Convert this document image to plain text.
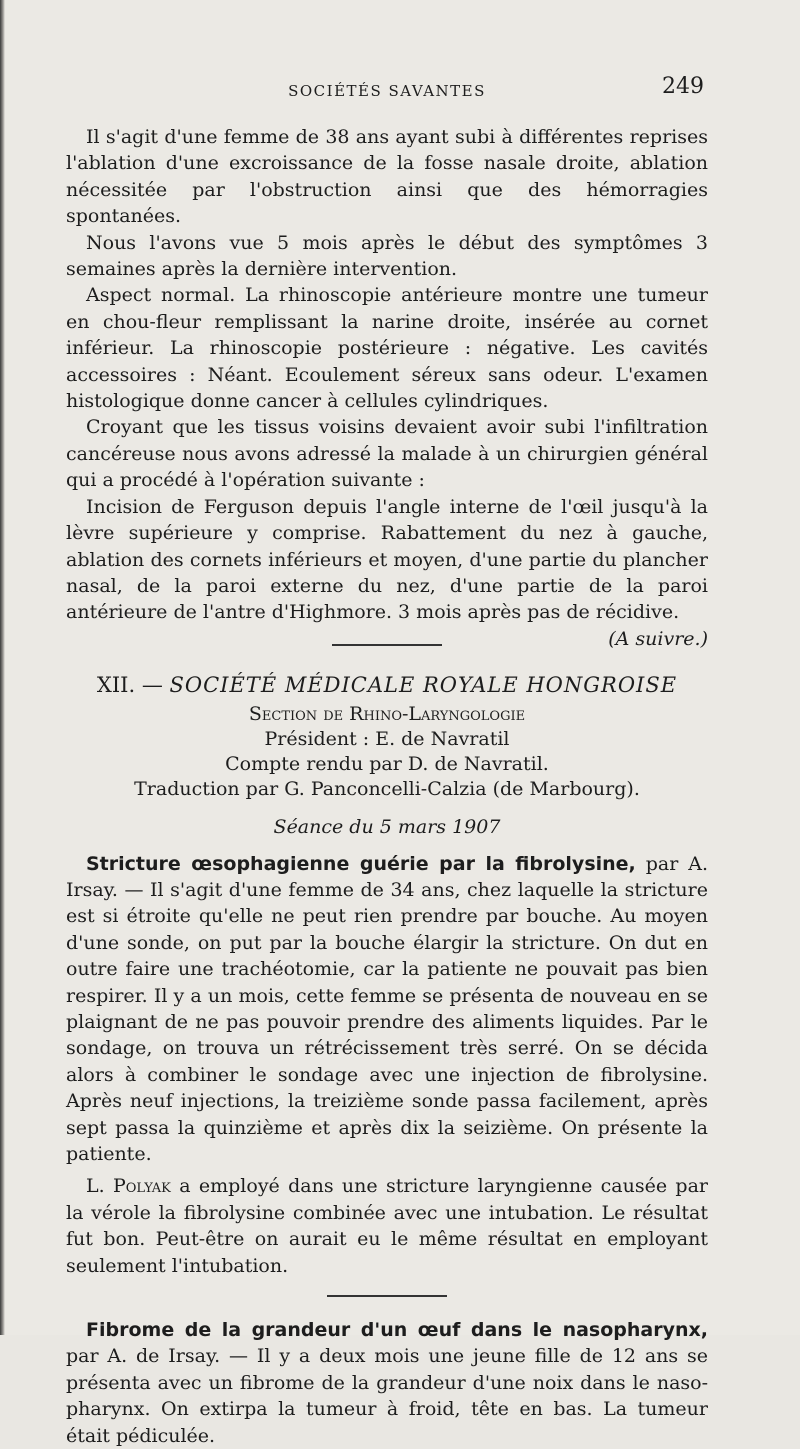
SOCIÉTÉS SAVANTES	249

Il s'agit d'une femme de 38 ans ayant subi à différentes reprises l'ablation d'une excroissance de la fosse nasale droite, ablation nécessitée par l'obstruction ainsi que des hémorragies spontanées.

Nous l'avons vue 5 mois après le début des symptômes 3 semaines après la dernière intervention.

Aspect normal. La rhinoscopie antérieure montre une tumeur en chou-fleur remplissant la narine droite, insérée au cornet inférieur. La rhinoscopie postérieure : négative. Les cavités accessoires : Néant. Ecoulement séreux sans odeur. L'examen histologique donne cancer à cellules cylindriques.

Croyant que les tissus voisins devaient avoir subi l'infiltration cancéreuse nous avons adressé la malade à un chirurgien général qui a procédé à l'opération suivante :

Incision de Ferguson depuis l'angle interne de l'œil jusqu'à la lèvre supérieure y comprise. Rabattement du nez à gauche, ablation des cornets inférieurs et moyen, d'une partie du plancher nasal, de la paroi externe du nez, d'une partie de la paroi antérieure de l'antre d'Highmore. 3 mois après pas de récidive.
(A suivre.)

XII. — SOCIÉTÉ MÉDICALE ROYALE HONGROISE
Section de Rhino-Laryngologie
Président : E. de Navratil
Compte rendu par D. de Navratil.
Traduction par G. Panconcelli-Calzia (de Marbourg).
Séance du 5 mars 1907

Stricture œsophagienne guérie par la fibrolysine, par A. Irsay. — Il s'agit d'une femme de 34 ans, chez laquelle la stricture est si étroite qu'elle ne peut rien prendre par bouche. Au moyen d'une sonde, on put par la bouche élargir la stricture. On dut en outre faire une trachéotomie, car la patiente ne pouvait pas bien respirer. Il y a un mois, cette femme se présenta de nouveau en se plaignant de ne pas pouvoir prendre des aliments liquides. Par le sondage, on trouva un rétrécissement très serré. On se décida alors à combiner le sondage avec une injection de fibrolysine. Après neuf injections, la treizième sonde passa facilement, après sept passa la quinzième et après dix la seizième. On présente la patiente.

L. Polyak a employé dans une stricture laryngienne causée par la vérole la fibrolysine combinée avec une intubation. Le résultat fut bon. Peut-être on aurait eu le même résultat en employant seulement l'intubation.

Fibrome de la grandeur d'un œuf dans le nasopharynx, par A. de Irsay. — Il y a deux mois une jeune fille de 12 ans se présenta avec un fibrome de la grandeur d'une noix dans le naso-pharynx. On extirpa la tumeur à froid, tête en bas. La tumeur était pédiculée.
